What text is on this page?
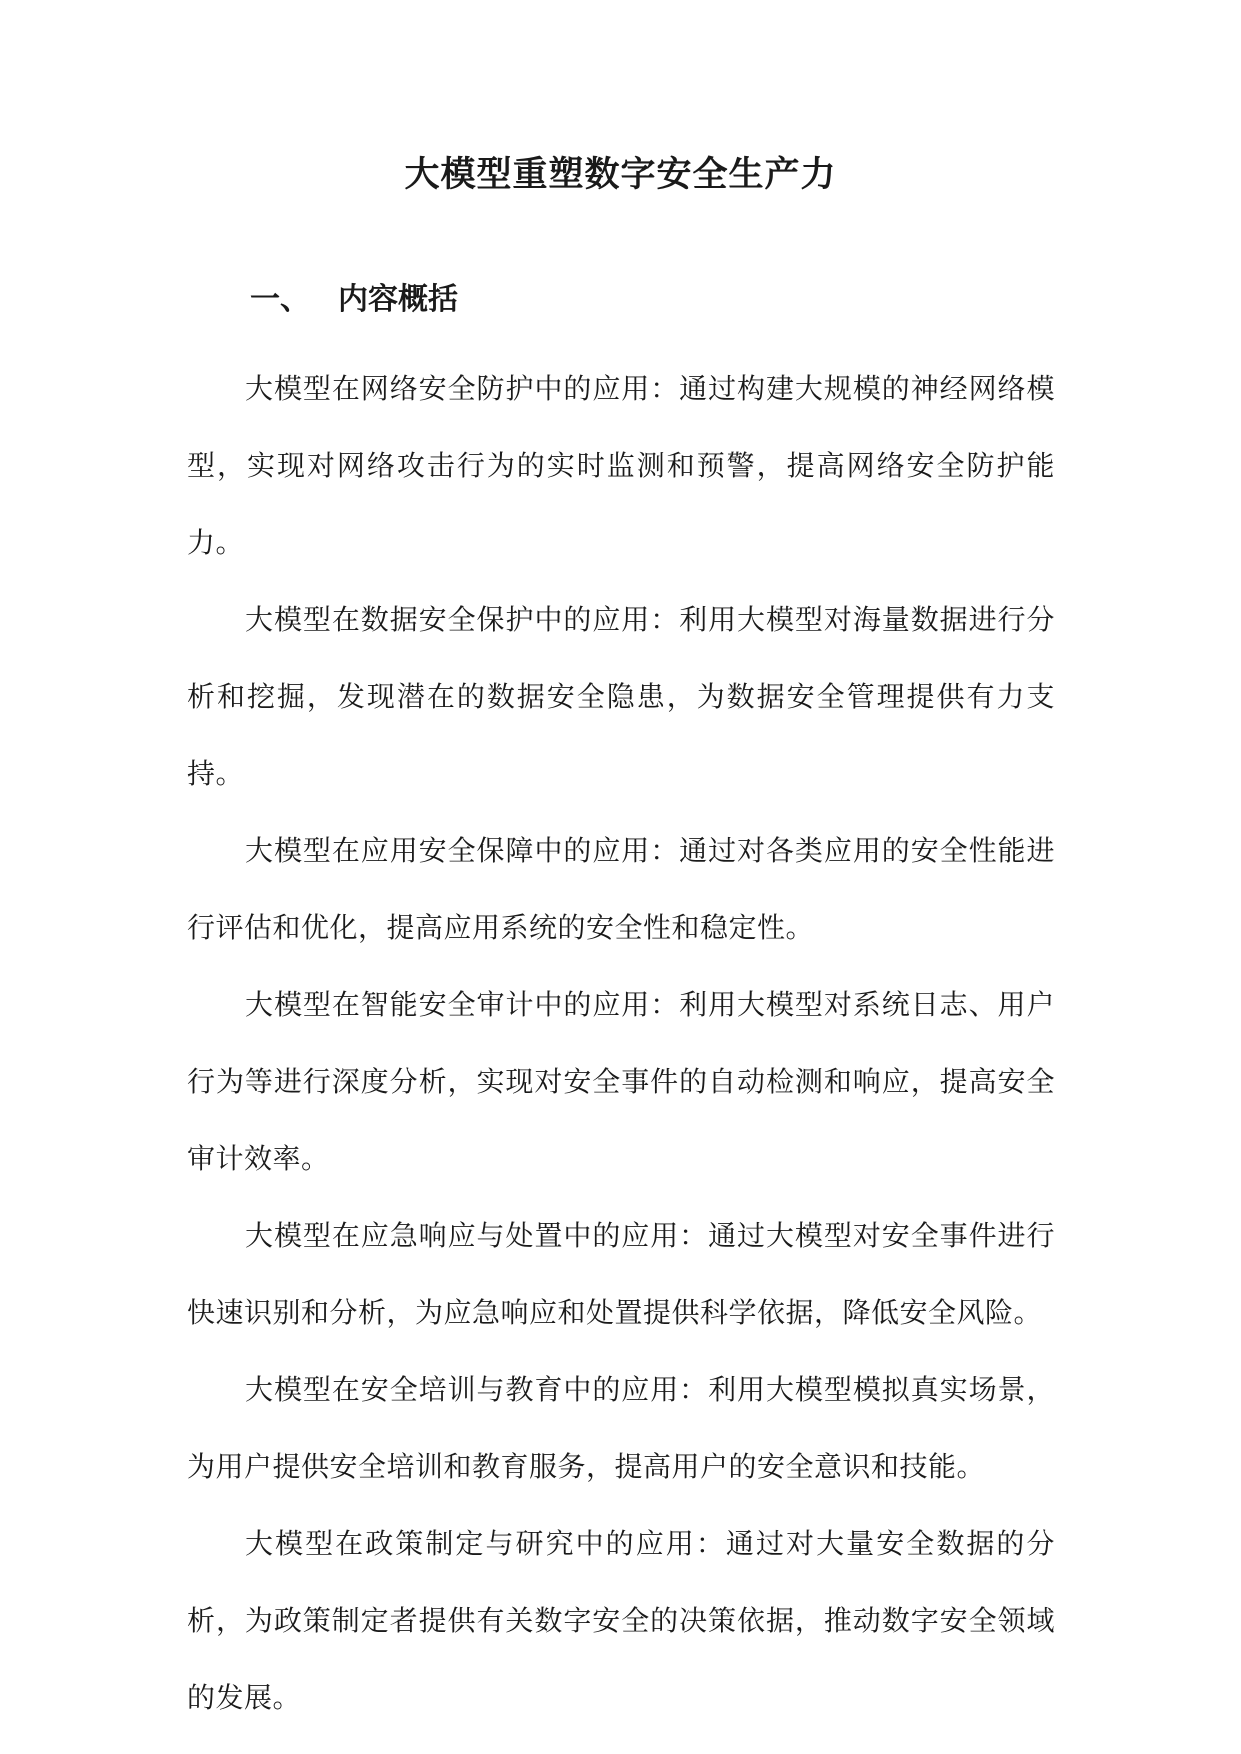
大模型重塑数字安全生产力
一、 内容概括

大模型在网络安全防护中的应用：通过构建大规模的神经网络模型，实现对网络攻击行为的实时监测和预警，提高网络安全防护能力。

大模型在数据安全保护中的应用：利用大模型对海量数据进行分析和挖掘，发现潜在的数据安全隐患，为数据安全管理提供有力支持。

大模型在应用安全保障中的应用：通过对各类应用的安全性能进行评估和优化，提高应用系统的安全性和稳定性。

大模型在智能安全审计中的应用：利用大模型对系统日志、用户行为等进行深度分析，实现对安全事件的自动检测和响应，提高安全审计效率。

大模型在应急响应与处置中的应用：通过大模型对安全事件进行快速识别和分析，为应急响应和处置提供科学依据，降低安全风险。

大模型在安全培训与教育中的应用：利用大模型模拟真实场景，为用户提供安全培训和教育服务，提高用户的安全意识和技能。

大模型在政策制定与研究中的应用：通过对大量安全数据的分析，为政策制定者提供有关数字安全的决策依据，推动数字安全领域的发展。
